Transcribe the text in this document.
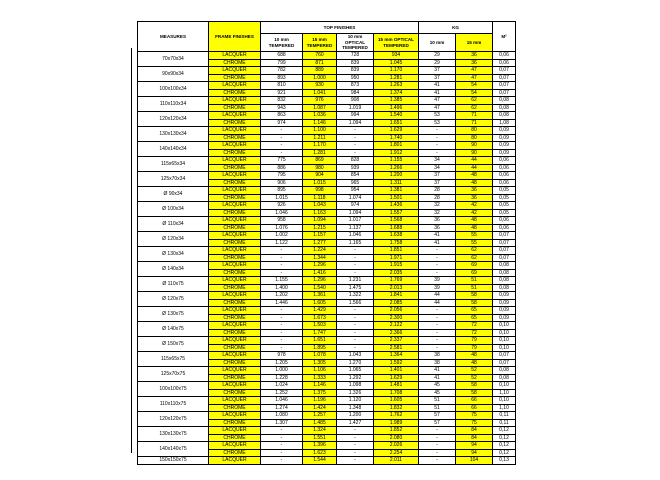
MEASURES	FRAME FINISHES	TOP FINISHES				KG		M²
		10 mm TEMPERED	15 mm TEMPERED	10 mm OPTICAL TEMPERED	15 mm OPTICAL TEMPERED	10 mm	15 mm	
70x70x34	LACQUER	688	760	728	934	29	36	0,06
	CHROME	799	871	839	1.045	29	36	0,06
90x90x34	LACQUER	782	889	839	1.170	37	47	0,07
	CHROME	893	1.000	950	1.281	37	47	0,07
100x100x34	LACQUER	810	930	873	1.263	41	54	0,07
	CHROME	921	1.041	984	1.374	41	54	0,07
110x110x34	LACQUER	832	976	908	1.385	47	62	0,08
	CHROME	943	1.087	1.019	1.496	47	62	0,08
120x120x34	LACQUER	863	1.036	994	1.540	53	71	0,08
	CHROME	974	1.146	1.094	1.651	53	71	1,08
130x130x34	LACQUER	-	1.100	-	1.629	-	80	0,09
	CHROME	-	1.211	-	1.740	-	80	0,09
140x140x34	LACQUER	-	1.170	-	1.801	-	90	0,09
	CHROME	-	1.281	-	1.912	-	90	0,09
115x65x34	LACQUER	775	869	828	1.155	34	44	0,06
	CHROME	886	980	939	1.266	34	44	0,06
125x70x34	LACQUER	795	904	854	1.200	37	48	0,06
	CHROME	906	1.015	965	1.311	37	48	0,06
Ø 90x34	LACQUER	895	998	954	1.381	28	36	0,05
	CHROME	1.015	1.118	1.074	1.501	28	36	0,05
Ø 100x34	LACQUER	926	1.043	974	1.436	32	42	0,05
	CHROME	1.046	1.163	1.094	1.557	32	42	0,05
Ø 110x34	LACQUER	958	1.094	1.017	1.568	36	48	0,06
	CHROME	1.076	1.215	1.137	1.688	36	48	0,06
Ø 120x34	LACQUER	1.002	1.157	1.046	1.638	41	55	0,07
	CHROME	1.122	1.277	1.165	1.758	41	55	0,07
Ø 130x34	LACQUER	-	1.224	-	1.851	-	62	0,07
	CHROME	-	1.344	-	1.971	-	62	0,07
Ø 140x34	LACQUER	-	1.296	-	1.915	-	69	0,08
	CHROME	-	1.416	-	2.035	-	69	0,08
Ø 110x75	LACQUER	1.155	1.296	1.231	1.769	39	51	0,08
	CHROME	1.400	1.540	1.475	2.013	39	51	0,08
Ø 120x75	LACQUER	1.202	1.361	1.322	1.841	44	58	0,09
	CHROME	1.446	1.605	1.566	2.085	44	58	0,09
Ø 130x75	LACQUER	-	1.429	-	2.056	-	65	0,09
	CHROME	-	1.673	-	2.300	-	65	0,09
Ø 140x75	LACQUER	-	1.503	-	2.122	-	72	0,10
	CHROME	-	1.747	-	2.366	-	72	0,10
Ø 150x75	LACQUER	-	1.651	-	2.337	-	79	0,10
	CHROME	-	1.895	-	2.581	-	79	0,10
115x65x75	LACQUER	978	1.078	1.043	1.364	38	48	0,07
	CHROME	1.205	1.305	1.270	1.592	38	48	0,07
125x70x75	LACQUER	1.000	1.106	1.065	1.401	41	52	0,08
	CHROME	1.228	1.333	1.292	1.629	41	52	0,08
100x100x75	LACQUER	1.024	1.146	1.098	1.481	45	58	0,10
	CHROME	1.252	1.375	1.326	1.708	45	58	1,10
110x110x75	LACQUER	1.046	1.196	1.120	1.605	51	66	0,10
	CHROME	1.274	1.424	1.348	1.832	51	66	1,10
120x120x75	LACQUER	1.080	1.257	1.200	1.762	57	75	0,11
	CHROME	1.307	1.485	1.427	1.989	57	75	0,11
130x130x75	LACQUER	-	1.324	-	1.852	-	84	0,12
	CHROME	-	1.551	-	2.080	-	84	0,12
140x140x75	LACQUER	-	1.396	-	2.026	-	94	0,12
	CHROME	-	1.623	-	2.254	-	94	0,12
150x150x75	LACQUER	-	1.544	-	2.011	-	104	0,13
